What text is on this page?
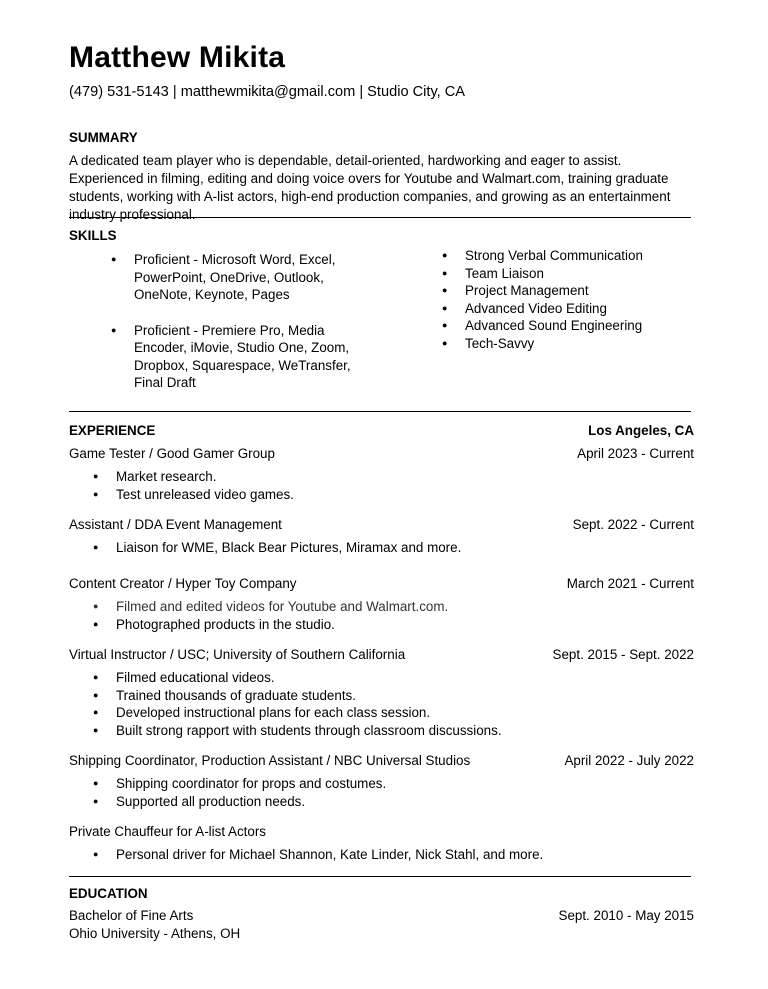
Matthew Mikita
(479) 531-5143 | matthewmikita@gmail.com | Studio City, CA
SUMMARY
A dedicated team player who is dependable, detail-oriented, hardworking and eager to assist. Experienced in filming, editing and doing voice overs for Youtube and Walmart.com, training graduate students, working with A-list actors, high-end production companies, and growing as an entertainment industry professional.
SKILLS
● Proficient - Microsoft Word, Excel, PowerPoint, OneDrive, Outlook, OneNote, Keynote, Pages
● Proficient - Premiere Pro, Media Encoder, iMovie, Studio One, Zoom, Dropbox, Squarespace, WeTransfer, Final Draft
● Strong Verbal Communication
● Team Liaison
● Project Management
● Advanced Video Editing
● Advanced Sound Engineering
● Tech-Savvy
EXPERIENCE	Los Angeles, CA
Game Tester / Good Gamer Group	April 2023 - Current
● Market research.
● Test unreleased video games.
Assistant / DDA Event Management	Sept. 2022 - Current
● Liaison for WME, Black Bear Pictures, Miramax and more.
Content Creator / Hyper Toy Company	March 2021 - Current
● Filmed and edited videos for Youtube and Walmart.com.
● Photographed products in the studio.
Virtual Instructor / USC; University of Southern California	Sept. 2015 - Sept. 2022
● Filmed educational videos.
● Trained thousands of graduate students.
● Developed instructional plans for each class session.
● Built strong rapport with students through classroom discussions.
Shipping Coordinator, Production Assistant / NBC Universal Studios	April 2022 - July 2022
● Shipping coordinator for props and costumes.
● Supported all production needs.
Private Chauffeur for A-list Actors
● Personal driver for Michael Shannon, Kate Linder, Nick Stahl, and more.
EDUCATION
Bachelor of Fine Arts	Sept. 2010 - May 2015
Ohio University - Athens, OH
